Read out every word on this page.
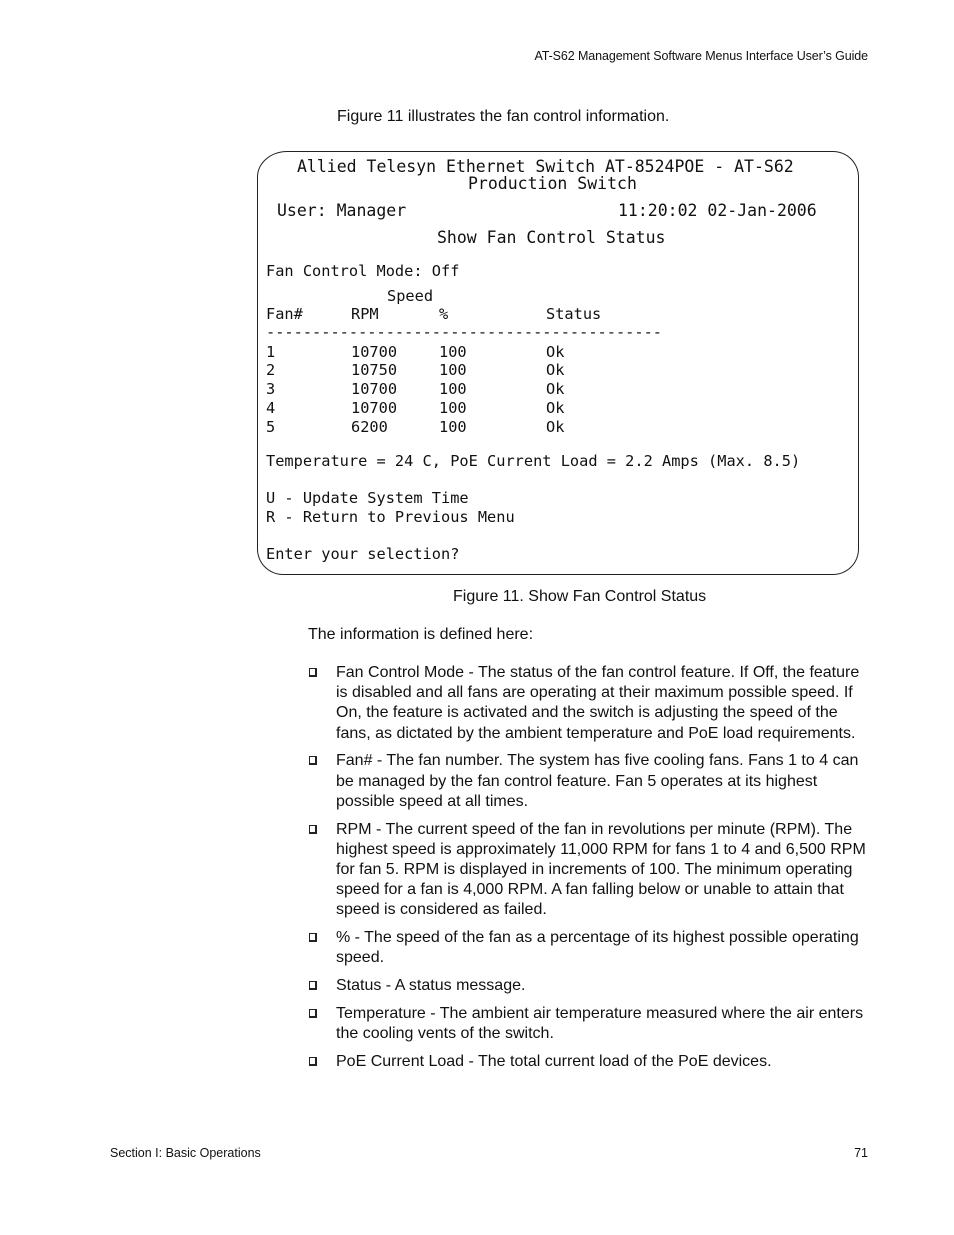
AT-S62 Management Software Menus Interface User’s Guide
Figure 11 illustrates the fan control information.
Allied Telesyn Ethernet Switch AT-8524POE - AT-S62
Production Switch
User: Manager	11:20:02 02-Jan-2006
Show Fan Control Status
Fan Control Mode: Off
Speed
Fan#	RPM	%	Status
-------------------------------------------
1	10700	100	Ok
2	10750	100	Ok
3	10700	100	Ok
4	10700	100	Ok
5	6200	100	Ok
Temperature = 24 C, PoE Current Load = 2.2 Amps (Max. 8.5)
U - Update System Time
R - Return to Previous Menu
Enter your selection?
Figure 11. Show Fan Control Status
The information is defined here:
Fan Control Mode - The status of the fan control feature. If Off, the feature is disabled and all fans are operating at their maximum possible speed. If On, the feature is activated and the switch is adjusting the speed of the fans, as dictated by the ambient temperature and PoE load requirements.
Fan# - The fan number. The system has five cooling fans. Fans 1 to 4 can be managed by the fan control feature. Fan 5 operates at its highest possible speed at all times.
RPM - The current speed of the fan in revolutions per minute (RPM). The highest speed is approximately 11,000 RPM for fans 1 to 4 and 6,500 RPM for fan 5. RPM is displayed in increments of 100. The minimum operating speed for a fan is 4,000 RPM. A fan falling below or unable to attain that speed is considered as failed.
% - The speed of the fan as a percentage of its highest possible operating speed.
Status - A status message.
Temperature - The ambient air temperature measured where the air enters the cooling vents of the switch.
PoE Current Load - The total current load of the PoE devices.
Section I: Basic Operations	71
